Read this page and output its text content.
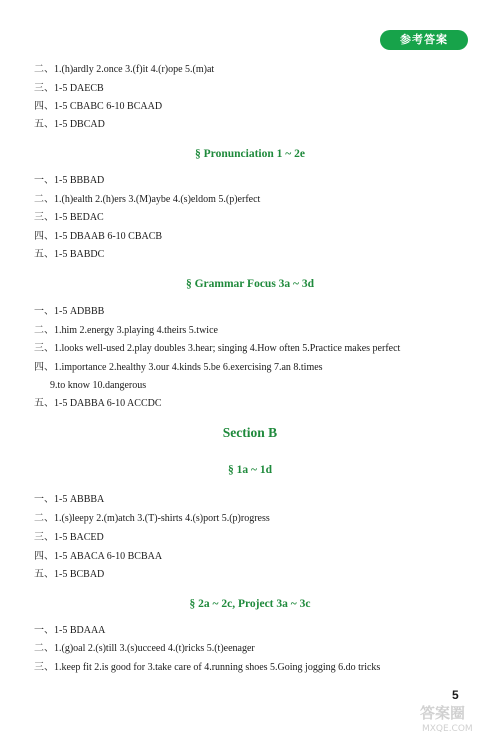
参考答案
二、1.(h)ardly 2.once 3.(f)it 4.(r)ope 5.(m)at
三、1-5 DAECB
四、1-5 CBABC 6-10 BCAAD
五、1-5 DBCAD
§ Pronunciation 1 ~ 2e
一、1-5 BBBAD
二、1.(h)ealth 2.(h)ers 3.(M)aybe 4.(s)eldom 5.(p)erfect
三、1-5 BEDAC
四、1-5 DBAAB 6-10 CBACB
五、1-5 BABDC
§ Grammar Focus 3a ~ 3d
一、1-5 ADBBB
二、1.him 2.energy 3.playing 4.theirs 5.twice
三、1.looks well-used 2.play doubles 3.hear; singing 4.How often 5.Practice makes perfect
四、1.importance 2.healthy 3.our 4.kinds 5.be 6.exercising 7.an 8.times
9.to know 10.dangerous
五、1-5 DABBA 6-10 ACCDC
Section B
§ 1a ~ 1d
一、1-5 ABBBA
二、1.(s)leepy 2.(m)atch 3.(T)-shirts 4.(s)port 5.(p)rogress
三、1-5 BACED
四、1-5 ABACA 6-10 BCBAA
五、1-5 BCBAD
§ 2a ~ 2c, Project 3a ~ 3c
一、1-5 BDAAA
二、1.(g)oal 2.(s)till 3.(s)ucceed 4.(t)ricks 5.(t)eenager
三、1.keep fit 2.is good for 3.take care of 4.running shoes 5.Going jogging 6.do tricks
5
答案圈
MXQE.COM
